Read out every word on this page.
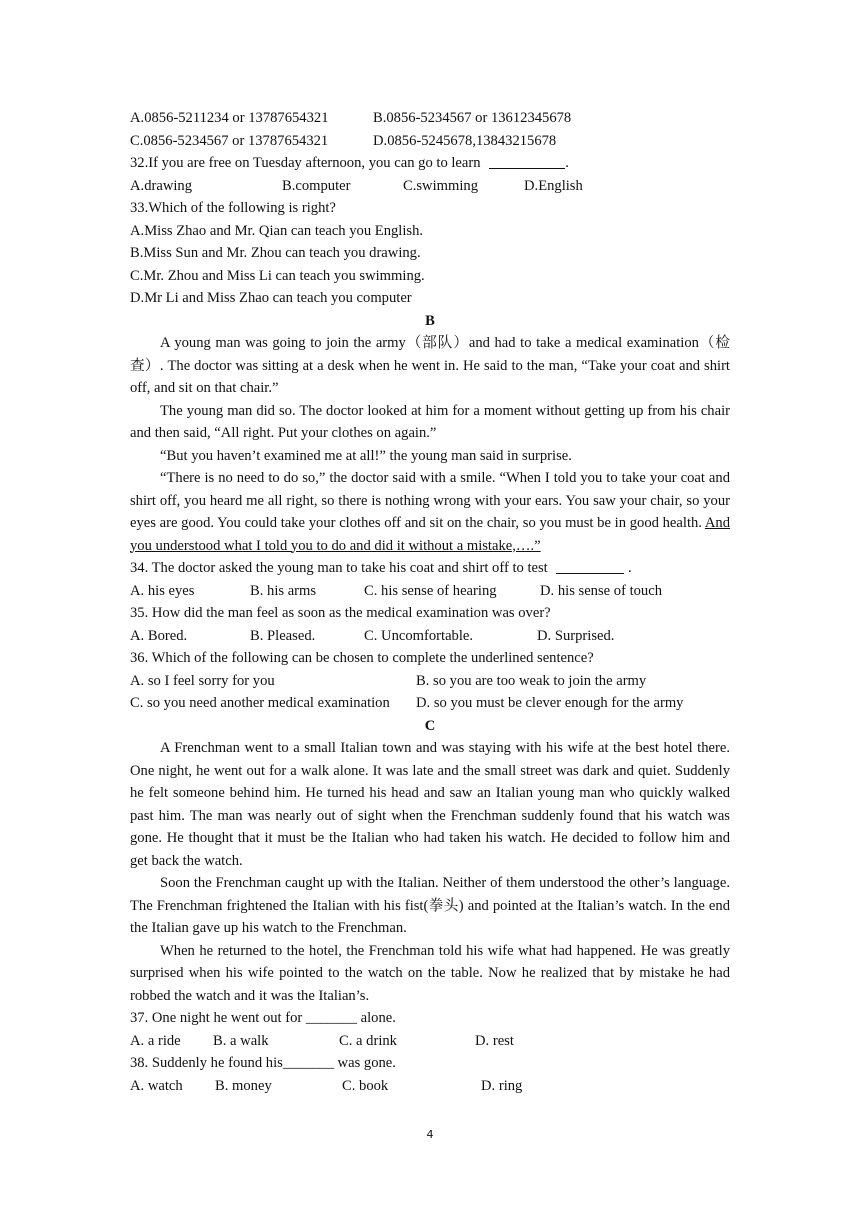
A.0856-5211234 or 13787654321	B.0856-5234567 or 13612345678
C.0856-5234567 or 13787654321	D.0856-5245678,13843215678
32.If you are free on Tuesday afternoon, you can go to learn	.
A.drawing	B.computer	C.swimming	D.English
33.Which of the following is right?
A.Miss Zhao and Mr. Qian can teach you English.
B.Miss Sun and Mr. Zhou can teach you drawing.
C.Mr. Zhou and Miss Li can teach you swimming.
D.Mr Li and Miss Zhao can teach you computer
B
A young man was going to join the army（部队）and had to take a medical examination（检查）. The doctor was sitting at a desk when he went in. He said to the man, “Take your coat and shirt off, and sit on that chair.”
The young man did so. The doctor looked at him for a moment without getting up from his chair and then said, “All right. Put your clothes on again.”
“But you haven’t examined me at all!” the young man said in surprise.
“There is no need to do so,” the doctor said with a smile. “When I told you to take your coat and shirt off, you heard me all right, so there is nothing wrong with your ears. You saw your chair, so your eyes are good. You could take your clothes off and sit on the chair, so you must be in good health. And you understood what I told you to do and did it without a mistake,….”
34. The doctor asked the young man to take his coat and shirt off to test	.
A. his eyes	B. his arms	C. his sense of hearing	D. his sense of touch
35. How did the man feel as soon as the medical examination was over?
A. Bored.	B. Pleased.	C. Uncomfortable.	D. Surprised.
36. Which of the following can be chosen to complete the underlined sentence?
A. so I feel sorry for you	B. so you are too weak to join the army
C. so you need another medical examination D. so you must be clever enough for the army
C
A Frenchman went to a small Italian town and was staying with his wife at the best hotel there. One night, he went out for a walk alone. It was late and the small street was dark and quiet. Suddenly he felt someone behind him. He turned his head and saw an Italian young man who quickly walked past him. The man was nearly out of sight when the Frenchman suddenly found that his watch was gone. He thought that it must be the Italian who had taken his watch. He decided to follow him and get back the watch.
Soon the Frenchman caught up with the Italian. Neither of them understood the other’s language. The Frenchman frightened the Italian with his fist(拳头) and pointed at the Italian’s watch. In the end the Italian gave up his watch to the Frenchman.
When he returned to the hotel, the Frenchman told his wife what had happened. He was greatly surprised when his wife pointed to the watch on the table. Now he realized that by mistake he had robbed the watch and it was the Italian’s.
37. One night he went out for _______ alone.
A. a ride B. a walk	C. a drink	D. rest
38. Suddenly he found his_______ was gone.
A. watch B. money	C. book	D. ring
4
